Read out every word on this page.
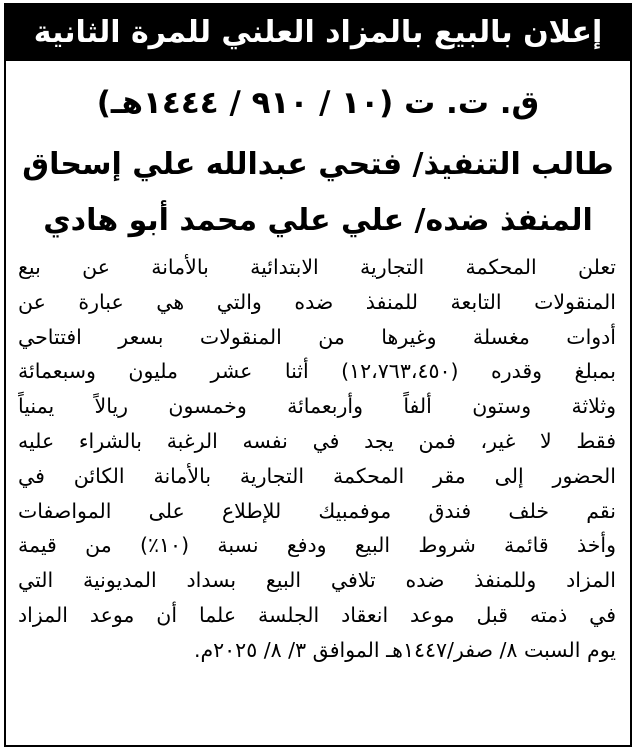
إعلان بالبيع بالمزاد العلني للمرة الثانية
ق. ت. ت (١٠ / ٩١٠ / ١٤٤٤هـ)
طالب التنفيذ/ فتحي عبدالله علي إسحاق
المنفذ ضده/ علي علي محمد أبو هادي
تعلن المحكمة التجارية الابتدائية بالأمانة عن بيع
المنقولات التابعة للمنفذ ضده والتي هي عبارة عن
أدوات مغسلة وغيرها من المنقولات بسعر افتتاحي
بمبلغ وقدره (١٢،٧٦٣،٤٥٠) أثنا عشر مليون وسبعمائة
وثلاثة وستون ألفاً وأربعمائة وخمسون ريالاً يمنياً
فقط لا غير، فمن يجد في نفسه الرغبة بالشراء عليه
الحضور إلى مقر المحكمة التجارية بالأمانة الكائن في
نقم خلف فندق موفمبيك للإطلاع على المواصفات
وأخذ قائمة شروط البيع ودفع نسبة (١٠٪) من قيمة
المزاد وللمنفذ ضده تلافي البيع بسداد المديونية التي
في ذمته قبل موعد انعقاد الجلسة علما أن موعد المزاد
يوم السبت ٨/ صفر/١٤٤٧هـ الموافق ٣/ ٨/ ٢٠٢٥م.
